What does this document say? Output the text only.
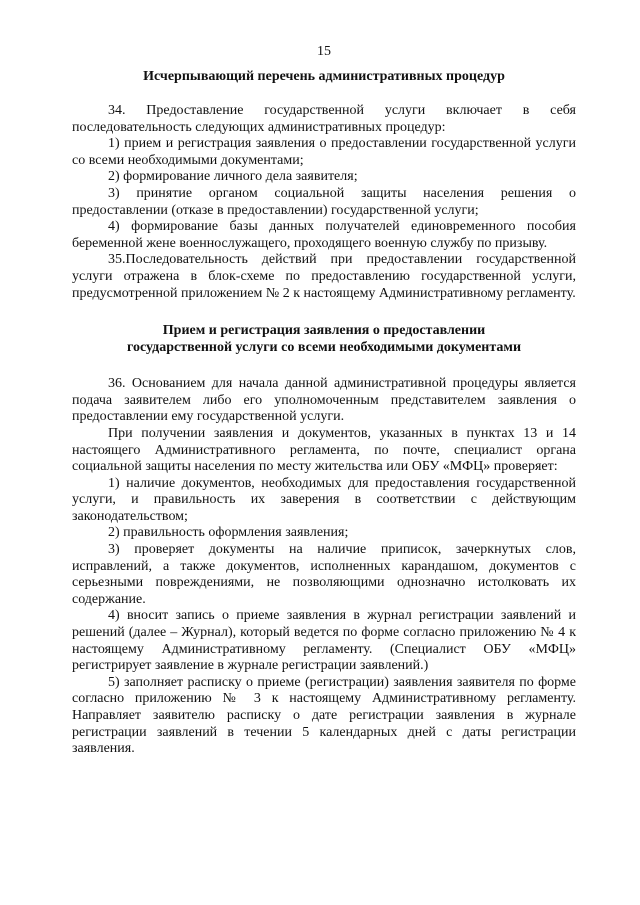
15
Исчерпывающий перечень административных процедур

34. Предоставление государственной услуги включает в себя последовательность следующих административных процедур:

1) прием и регистрация заявления о предоставлении государственной услуги со всеми необходимыми документами;

2) формирование личного дела заявителя;

3) принятие органом социальной защиты населения решения о предоставлении (отказе в предоставлении) государственной услуги;

4) формирование базы данных получателей единовременного пособия беременной жене военнослужащего, проходящего военную службу по призыву.

35.Последовательность действий при предоставлении государственной услуги отражена в блок-схеме по предоставлению государственной услуги, предусмотренной приложением № 2 к настоящему Административному регламенту.

Прием и регистрация заявления о предоставлении
государственной услуги со всеми необходимыми документами

36. Основанием для начала данной административной процедуры является подача заявителем либо его уполномоченным представителем заявления о предоставлении ему государственной услуги.

При получении заявления и документов, указанных в пунктах 13 и 14 настоящего Административного регламента, по почте, специалист органа социальной защиты населения по месту жительства или ОБУ «МФЦ» проверяет:

1) наличие документов, необходимых для предоставления государственной услуги, и правильность их заверения в соответствии с действующим законодательством;

2) правильность оформления заявления;

3) проверяет документы на наличие приписок, зачеркнутых слов, исправлений, а также документов, исполненных карандашом, документов с серьезными повреждениями, не позволяющими однозначно истолковать их содержание.

4) вносит запись о приеме заявления в журнал регистрации заявлений и решений (далее – Журнал), который ведется по форме согласно приложению № 4 к настоящему Административному регламенту. (Специалист ОБУ «МФЦ» регистрирует заявление в журнале регистрации заявлений.)

5) заполняет расписку о приеме (регистрации) заявления заявителя по форме согласно приложению № 3 к настоящему Административному регламенту. Направляет заявителю расписку о дате регистрации заявления в журнале регистрации заявлений в течении 5 календарных дней с даты регистрации заявления.
